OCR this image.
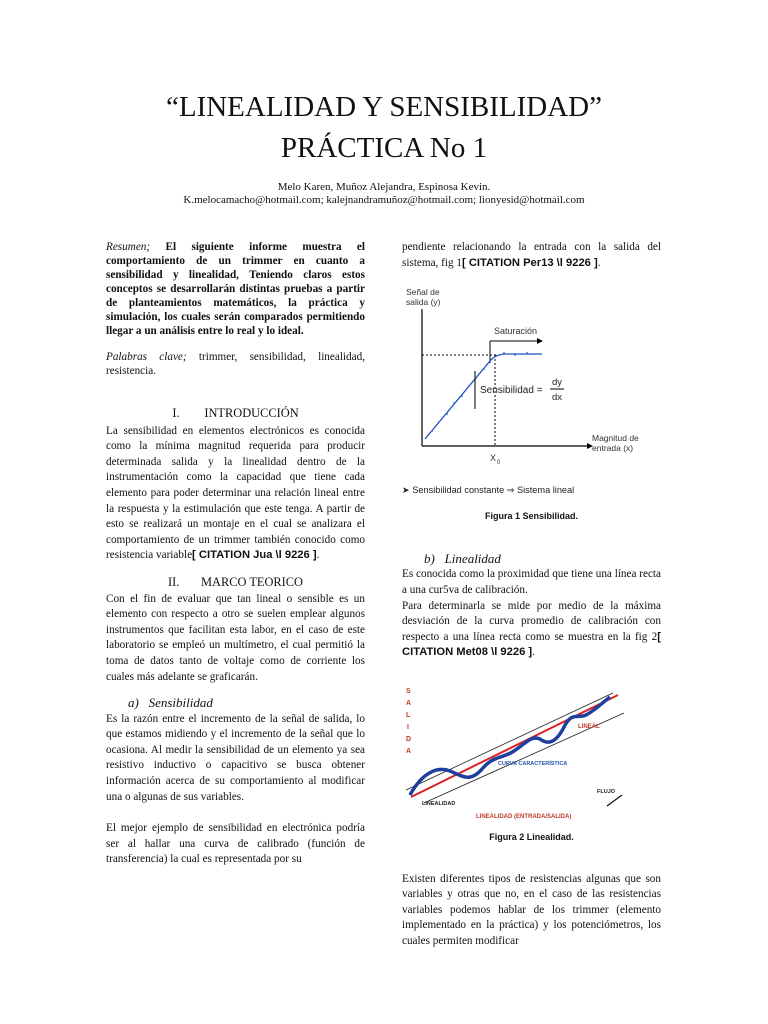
“LINEALIDAD Y SENSIBILIDAD”
PRÁCTICA No 1
Melo Karen, Muñoz Alejandra, Espinosa Kevin.
K.melocamacho@hotmail.com; kalejnandramuñoz@hotmail.com; lionyesid@hotmail.com

Resumen; El siguiente informe muestra el comportamiento de un trimmer en cuanto a sensibilidad y linealidad, Teniendo claros estos conceptos se desarrollarán distintas pruebas a partir de planteamientos matemáticos, la práctica y simulación, los cuales serán comparados permitiendo llegar a un análisis entre lo real y lo ideal.

Palabras clave; trimmer, sensibilidad, linealidad, resistencia.

I.        INTRODUCCIÓN

La sensibilidad en elementos electrónicos es conocida como la mínima magnitud requerida para producir determinada salida y la linealidad dentro de la instrumentación como la capacidad que tiene cada elemento para poder determinar una relación lineal entre la respuesta y la estimulación que este tenga. A partir de esto se realizará un montaje en el cual se analizara el comportamiento de un trimmer también conocido como resistencia variable[ CITATION Jua \l 9226 ].

II.       MARCO TEORICO

Con el fin de evaluar que tan lineal o sensible es un elemento con respecto a otro se suelen emplear algunos instrumentos que facilitan esta labor, en el caso de este laboratorio se empleó un multímetro, el cual permitió la toma de datos tanto de voltaje como de corriente los cuales más adelante se graficarán.

a)   Sensibilidad

Es la razón entre el incremento de la señal de salida, lo que estamos midiendo y el incremento de la señal que lo ocasiona. Al medir la sensibilidad de un elemento ya sea resistivo inductivo o capacitivo se busca obtener información acerca de su comportamiento al modificar una o algunas de sus variables.

El mejor ejemplo de sensibilidad en electrónica podría ser al hallar una curva de calibrado (función de transferencia) la cual es representada por su

pendiente relacionando la entrada con la salida del sistema, fig 1[ CITATION Per13 \l 9226 ].

Señal de
salida (y)
Saturación
Sensibilidad =
dy
dx
Magnitud de
entrada (x)
X 0
➤ Sensibilidad constante ⇒ Sistema lineal

Figura 1 Sensibilidad.

b)   Linealidad

Es conocida como la proximidad que tiene una línea recta a una cur5va de calibración.

Para determinarla se mide por medio de la máxima desviación de la curva promedio de calibración con respecto a una línea recta como se muestra en la fig 2[ CITATION Met08 \l 9226 ].

S
A
L
I
D
A
LINEAL
CURVA CARACTERÍSTICA
LINEALIDAD
FLUJO
LINEALIDAD (ENTRADA/SALIDA)

Figura 2 Linealidad.

Existen diferentes tipos de resistencias algunas que son variables y otras que no, en el caso de las resistencias variables podemos hablar de los trimmer (elemento implementado en la práctica) y los potenciómetros, los cuales permiten modificar
